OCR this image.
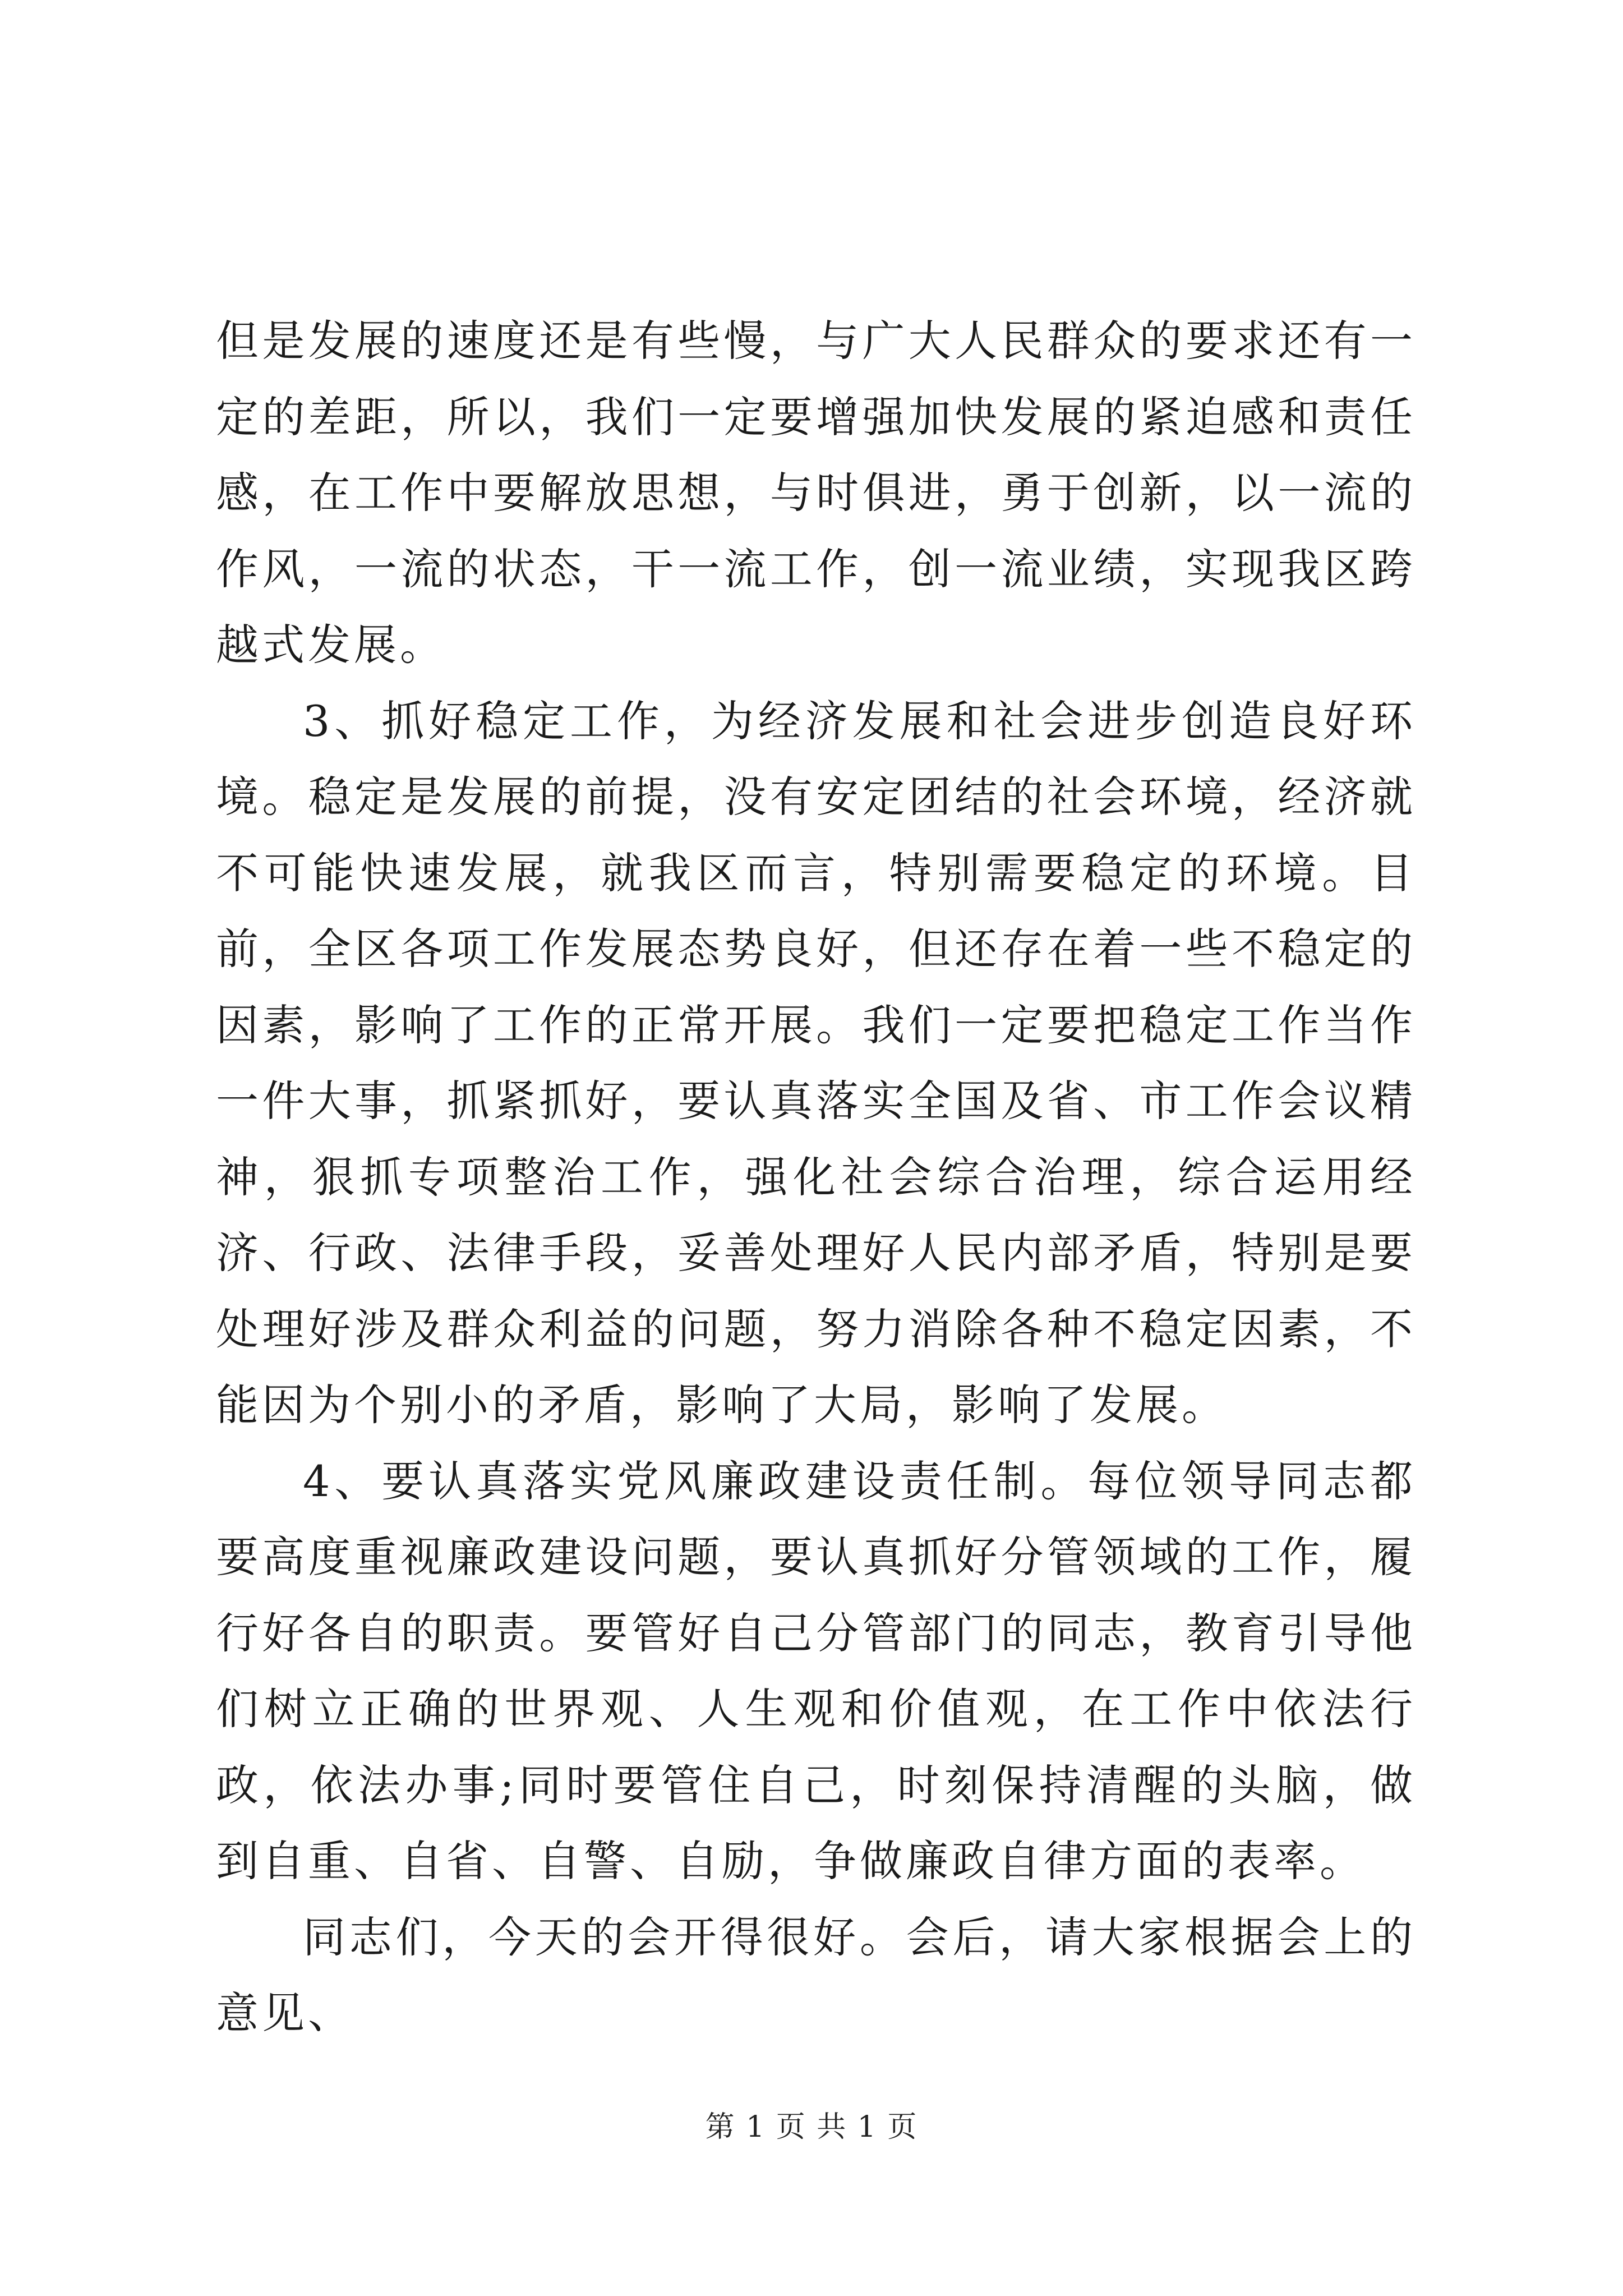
但是发展的速度还是有些慢，与广大人民群众的要求还有一定的差距，所以，我们一定要增强加快发展的紧迫感和责任感，在工作中要解放思想，与时俱进，勇于创新，以一流的作风，一流的状态，干一流工作，创一流业绩，实现我区跨越式发展。

3、抓好稳定工作，为经济发展和社会进步创造良好环境。稳定是发展的前提，没有安定团结的社会环境，经济就不可能快速发展，就我区而言，特别需要稳定的环境。目前，全区各项工作发展态势良好，但还存在着一些不稳定的因素，影响了工作的正常开展。我们一定要把稳定工作当作一件大事，抓紧抓好，要认真落实全国及省、市工作会议精神，狠抓专项整治工作，强化社会综合治理，综合运用经济、行政、法律手段，妥善处理好人民内部矛盾，特别是要处理好涉及群众利益的问题，努力消除各种不稳定因素，不能因为个别小的矛盾，影响了大局，影响了发展。

4、要认真落实党风廉政建设责任制。每位领导同志都要高度重视廉政建设问题，要认真抓好分管领域的工作，履行好各自的职责。要管好自己分管部门的同志，教育引导他们树立正确的世界观、人生观和价值观，在工作中依法行政，依法办事;同时要管住自己，时刻保持清醒的头脑，做到自重、自省、自警、自励，争做廉政自律方面的表率。

同志们，今天的会开得很好。会后，请大家根据会上的意见、

第 1 页 共 1 页
